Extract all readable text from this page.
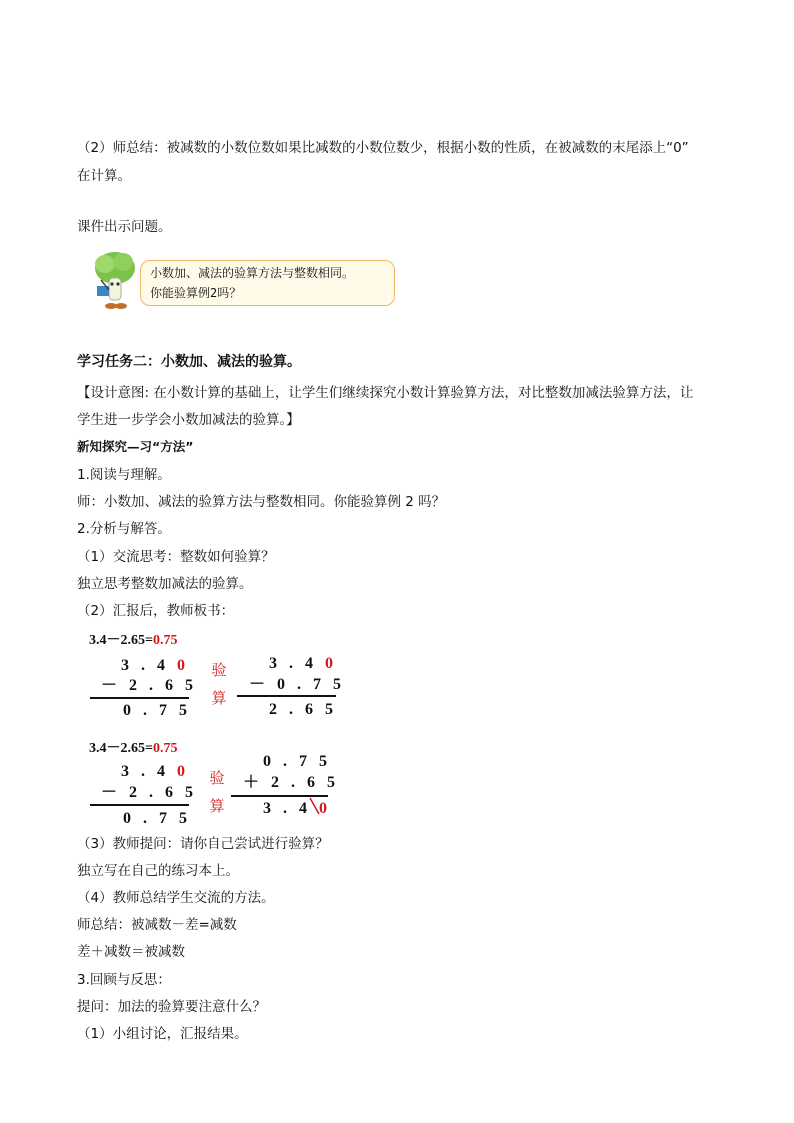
（2）师总结：被减数的小数位数如果比减数的小数位数少，根据小数的性质，在被减数的末尾添上“0”
在计算。
课件出示问题。
小数加、减法的验算方法与整数相同。
你能验算例2吗？
学习任务二：小数加、减法的验算。
【设计意图: 在小数计算的基础上，让学生们继续探究小数计算验算方法，对比整数加减法验算方法，让
学生进一步学会小数加减法的验算。】
新知探究—习“方法”
1.阅读与理解。
师：小数加、减法的验算方法与整数相同。你能验算例 2 吗？
2.分析与解答。
（1）交流思考：整数如何验算？
独立思考整数加减法的验算。
（2）汇报后，教师板书：
3.4－2.65=0.75
3 . 4 0
－ 2 . 6 5
0 . 7 5
验
算
3 . 4 0
－ 0 . 7 5
2 . 6 5
3.4－2.65=0.75
3 . 4 0
－ 2 . 6 5
0 . 7 5
验
算
0 . 7 5
＋ 2 . 6 5
3 . 4 0
（3）教师提问：请你自己尝试进行验算？
独立写在自己的练习本上。
（4）教师总结学生交流的方法。
师总结：被减数－差=减数
差＋减数＝被减数
3.回顾与反思：
提问：加法的验算要注意什么？
（1）小组讨论，汇报结果。
